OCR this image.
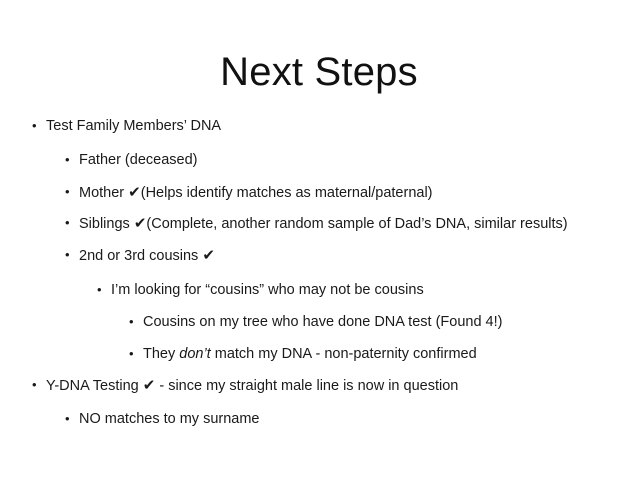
Next Steps
• Test Family Members’ DNA
• Father (deceased)
• Mother ✔(Helps identify matches as maternal/paternal)
• Siblings ✔(Complete, another random sample of Dad’s DNA, similar results)
• 2nd or 3rd cousins ✔
• I’m looking for “cousins” who may not be cousins
• Cousins on my tree who have done DNA test (Found 4!)
• They don’t match my DNA - non-paternity confirmed
• Y-DNA Testing ✔ - since my straight male line is now in question
• NO matches to my surname
